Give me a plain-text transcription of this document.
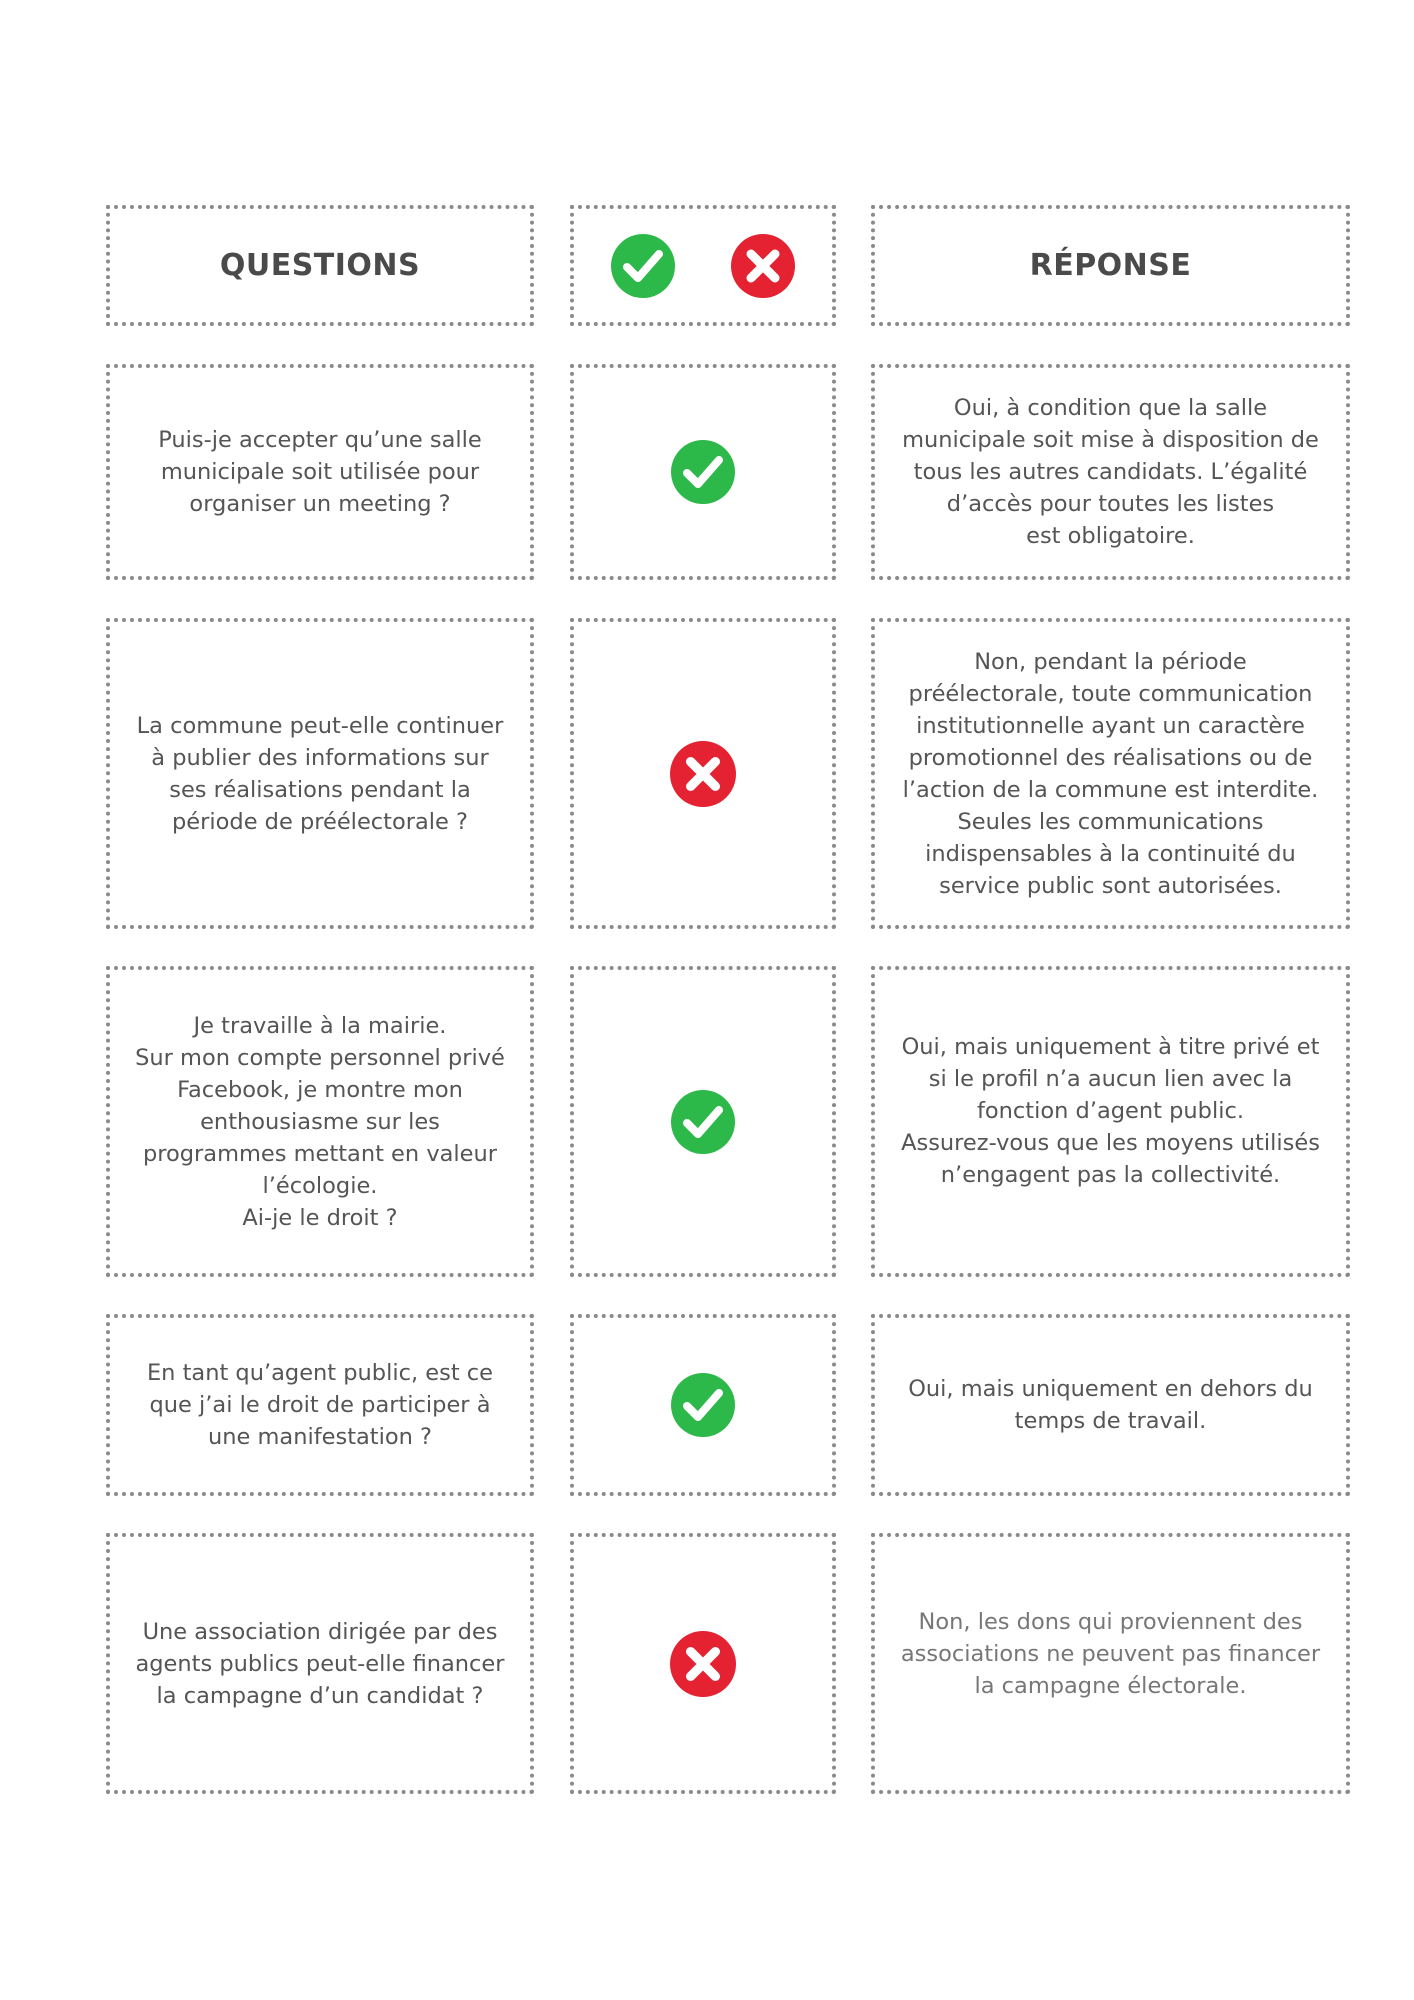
QUESTIONS	RÉPONSE
Puis-je accepter qu’une salle
municipale soit utilisée pour
organiser un meeting ?
Oui, à condition que la salle
municipale soit mise à disposition de
tous les autres candidats. L’égalité
d’accès pour toutes les listes
est obligatoire.
La commune peut-elle continuer
à publier des informations sur
ses réalisations pendant la
période de préélectorale ?
Non, pendant la période
préélectorale, toute communication
institutionnelle ayant un caractère
promotionnel des réalisations ou de
l’action de la commune est interdite.
Seules les communications
indispensables à la continuité du
service public sont autorisées.
Je travaille à la mairie.
Sur mon compte personnel privé
Facebook, je montre mon
enthousiasme sur les
programmes mettant en valeur
l’écologie.
Ai-je le droit ?
Oui, mais uniquement à titre privé et
si le profil n’a aucun lien avec la
fonction d’agent public.
Assurez-vous que les moyens utilisés
n’engagent pas la collectivité.
En tant qu’agent public, est ce
que j’ai le droit de participer à
une manifestation ?
Oui, mais uniquement en dehors du
temps de travail.
Une association dirigée par des
agents publics peut-elle financer
la campagne d’un candidat ?
Non, les dons qui proviennent des
associations ne peuvent pas financer
la campagne électorale.
